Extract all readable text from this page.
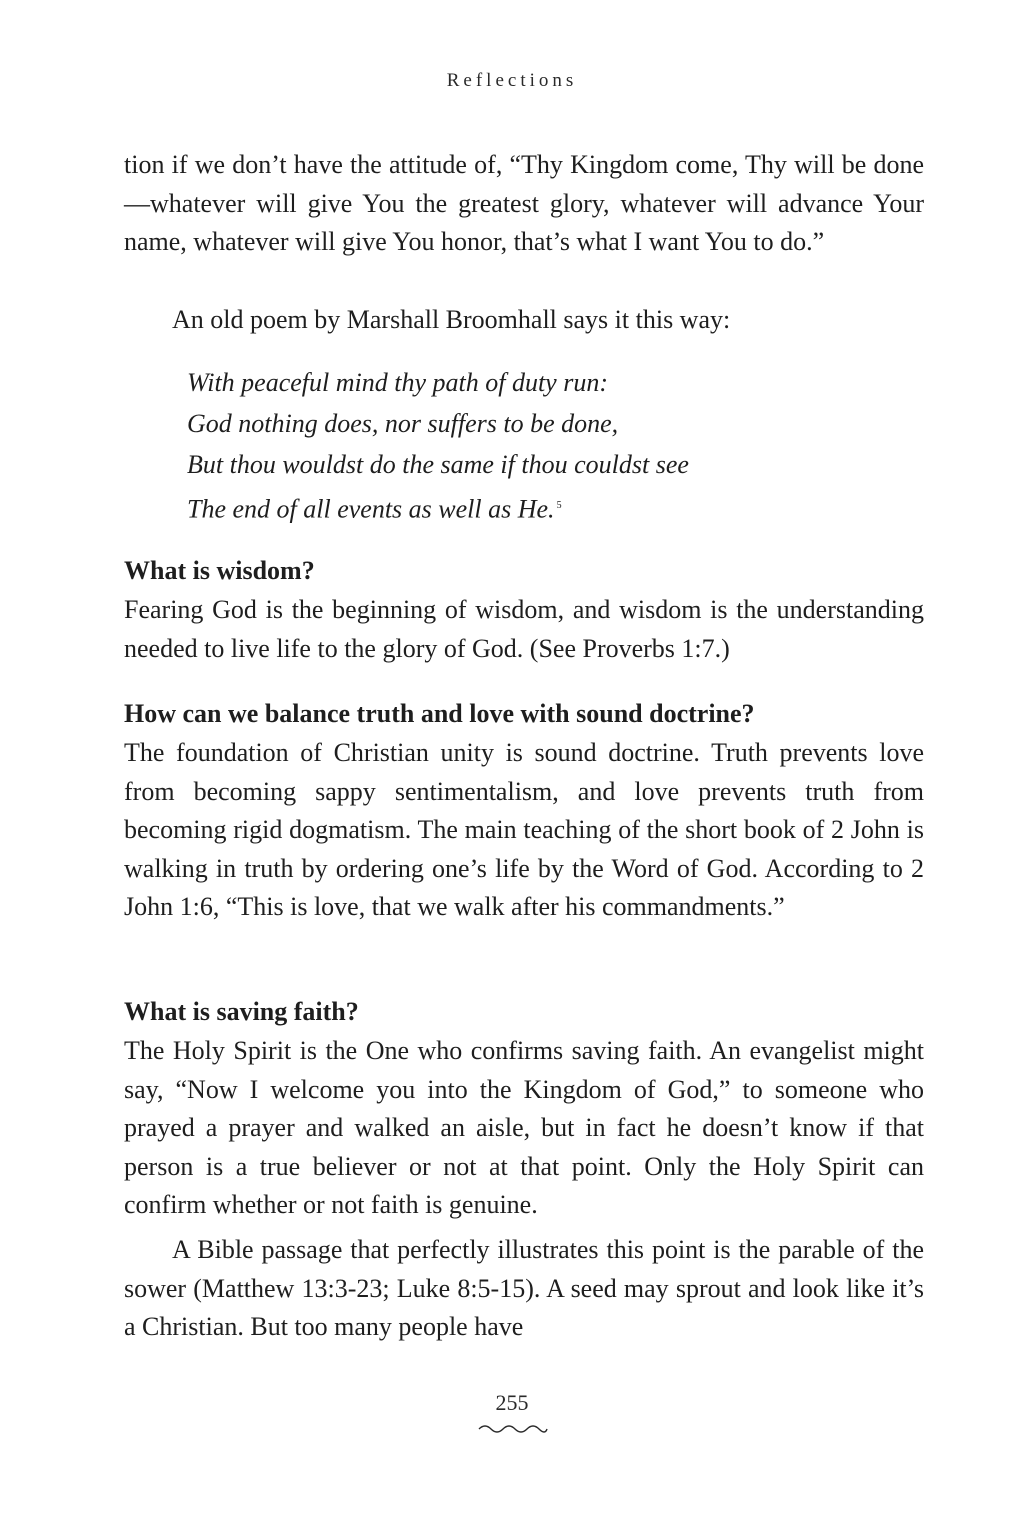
Reflections

tion if we don’t have the attitude of, “Thy Kingdom come, Thy will be done—whatever will give You the greatest glory, whatever will advance Your name, whatever will give You honor, that’s what I want You to do.”

An old poem by Marshall Broomhall says it this way:

With peaceful mind thy path of duty run:
God nothing does, nor suffers to be done,
But thou wouldst do the same if thou couldst see
The end of all events as well as He. $^5$
What is wisdom?

Fearing God is the beginning of wisdom, and wisdom is the understanding needed to live life to the glory of God. (See Proverbs 1:7.)

How can we balance truth and love with sound doctrine?

The foundation of Christian unity is sound doctrine. Truth prevents love from becoming sappy sentimentalism, and love prevents truth from becoming rigid dogmatism. The main teaching of the short book of 2 John is walking in truth by ordering one’s life by the Word of God. According to 2 John 1:6, “This is love, that we walk after his commandments.”

What is saving faith?

The Holy Spirit is the One who confirms saving faith. An evangelist might say, “Now I welcome you into the Kingdom of God,” to someone who prayed a prayer and walked an aisle, but in fact he doesn’t know if that person is a true believer or not at that point. Only the Holy Spirit can confirm whether or not faith is genuine.

A Bible passage that perfectly illustrates this point is the parable of the sower (Matthew 13:3-23; Luke 8:5-15). A seed may sprout and look like it’s a Christian. But too many people have

255
